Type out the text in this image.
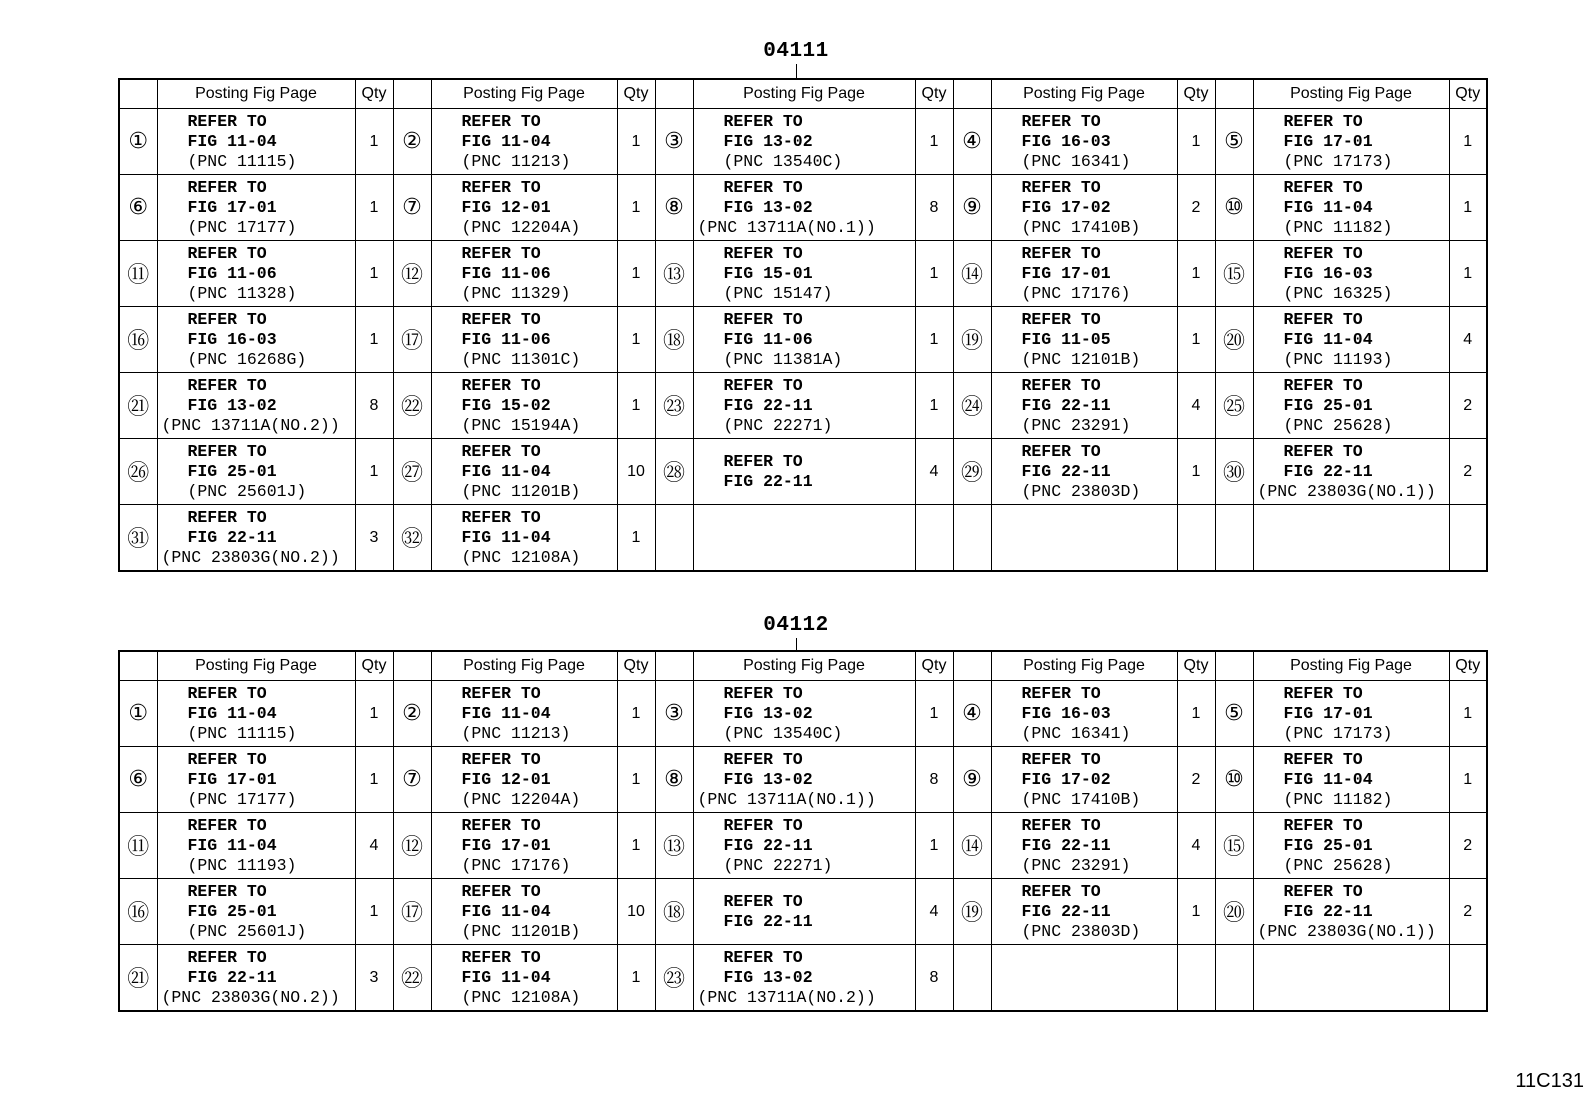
04111
	Posting Fig Page	Qty		Posting Fig Page	Qty		Posting Fig Page	Qty		Posting Fig Page	Qty		Posting Fig Page	Qty
①	REFER TO
FIG 11-04
(PNC 11115)	1	②	REFER TO
FIG 11-04
(PNC 11213)	1	③	REFER TO
FIG 13-02
(PNC 13540C)	1	④	REFER TO
FIG 16-03
(PNC 16341)	1	⑤	REFER TO
FIG 17-01
(PNC 17173)	1
⑥	REFER TO
FIG 17-01
(PNC 17177)	1	⑦	REFER TO
FIG 12-01
(PNC 12204A)	1	⑧	REFER TO
FIG 13-02
(PNC 13711A(NO.1))	8	⑨	REFER TO
FIG 17-02
(PNC 17410B)	2	⑩	REFER TO
FIG 11-04
(PNC 11182)	1
⑪	REFER TO
FIG 11-06
(PNC 11328)	1	⑫	REFER TO
FIG 11-06
(PNC 11329)	1	⑬	REFER TO
FIG 15-01
(PNC 15147)	1	⑭	REFER TO
FIG 17-01
(PNC 17176)	1	⑮	REFER TO
FIG 16-03
(PNC 16325)	1
⑯	REFER TO
FIG 16-03
(PNC 16268G)	1	⑰	REFER TO
FIG 11-06
(PNC 11301C)	1	⑱	REFER TO
FIG 11-06
(PNC 11381A)	1	⑲	REFER TO
FIG 11-05
(PNC 12101B)	1	⑳	REFER TO
FIG 11-04
(PNC 11193)	4
㉑	REFER TO
FIG 13-02
(PNC 13711A(NO.2))	8	㉒	REFER TO
FIG 15-02
(PNC 15194A)	1	㉓	REFER TO
FIG 22-11
(PNC 22271)	1	㉔	REFER TO
FIG 22-11
(PNC 23291)	4	㉕	REFER TO
FIG 25-01
(PNC 25628)	2
㉖	REFER TO
FIG 25-01
(PNC 25601J)	1	㉗	REFER TO
FIG 11-04
(PNC 11201B)	10	㉘	REFER TO
FIG 22-11	4	㉙	REFER TO
FIG 22-11
(PNC 23803D)	1	㉚	REFER TO
FIG 22-11
(PNC 23803G(NO.1))	2
㉛	REFER TO
FIG 22-11
(PNC 23803G(NO.2))	3	㉜	REFER TO
FIG 11-04
(PNC 12108A)	1		

04112
	Posting Fig Page	Qty		Posting Fig Page	Qty		Posting Fig Page	Qty		Posting Fig Page	Qty		Posting Fig Page	Qty
①	REFER TO
FIG 11-04
(PNC 11115)	1	②	REFER TO
FIG 11-04
(PNC 11213)	1	③	REFER TO
FIG 13-02
(PNC 13540C)	1	④	REFER TO
FIG 16-03
(PNC 16341)	1	⑤	REFER TO
FIG 17-01
(PNC 17173)	1
⑥	REFER TO
FIG 17-01
(PNC 17177)	1	⑦	REFER TO
FIG 12-01
(PNC 12204A)	1	⑧	REFER TO
FIG 13-02
(PNC 13711A(NO.1))	8	⑨	REFER TO
FIG 17-02
(PNC 17410B)	2	⑩	REFER TO
FIG 11-04
(PNC 11182)	1
⑪	REFER TO
FIG 11-04
(PNC 11193)	4	⑫	REFER TO
FIG 17-01
(PNC 17176)	1	⑬	REFER TO
FIG 22-11
(PNC 22271)	1	⑭	REFER TO
FIG 22-11
(PNC 23291)	4	⑮	REFER TO
FIG 25-01
(PNC 25628)	2
⑯	REFER TO
FIG 25-01
(PNC 25601J)	1	⑰	REFER TO
FIG 11-04
(PNC 11201B)	10	⑱	REFER TO
FIG 22-11	4	⑲	REFER TO
FIG 22-11
(PNC 23803D)	1	⑳	REFER TO
FIG 22-11
(PNC 23803G(NO.1))	2
㉑	REFER TO
FIG 22-11
(PNC 23803G(NO.2))	3	㉒	REFER TO
FIG 11-04
(PNC 12108A)	1	㉓	REFER TO
FIG 13-02
(PNC 13711A(NO.2))	8		

11C131
